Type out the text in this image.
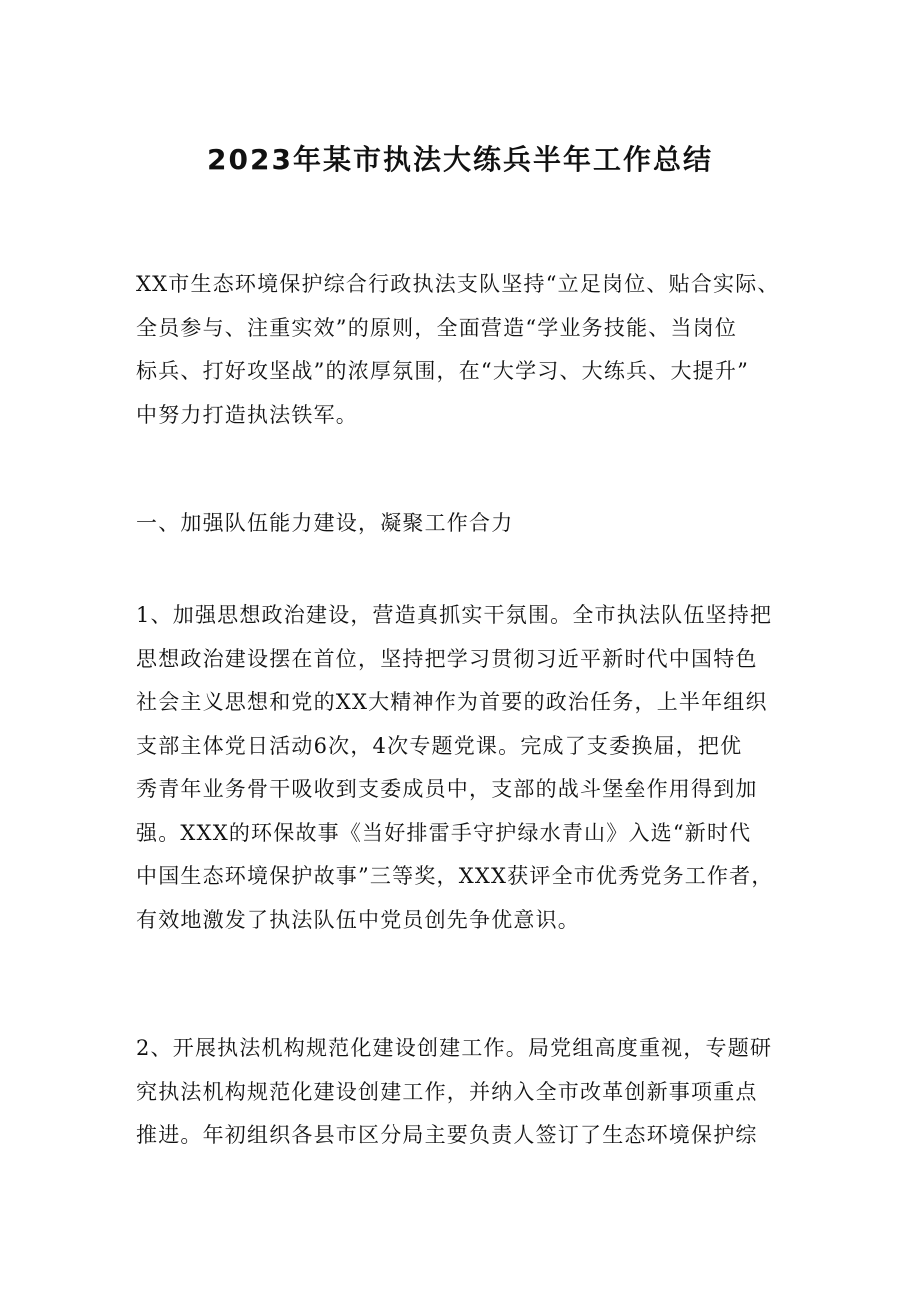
2023年某市执法大练兵半年工作总结
XX市生态环境保护综合行政执法支队坚持“立足岗位、贴合实际、
全员参与、注重实效”的原则，全面营造“学业务技能、当岗位
标兵、打好攻坚战”的浓厚氛围，在“大学习、大练兵、大提升”
中努力打造执法铁军。
一、加强队伍能力建设，凝聚工作合力
1、加强思想政治建设，营造真抓实干氛围。全市执法队伍坚持把
思想政治建设摆在首位，坚持把学习贯彻习近平新时代中国特色
社会主义思想和党的XX大精神作为首要的政治任务，上半年组织
支部主体党日活动6次，4次专题党课。完成了支委换届，把优
秀青年业务骨干吸收到支委成员中，支部的战斗堡垒作用得到加
强。XXX的环保故事《当好排雷手守护绿水青山》入选“新时代
中国生态环境保护故事”三等奖，XXX获评全市优秀党务工作者，
有效地激发了执法队伍中党员创先争优意识。
2、开展执法机构规范化建设创建工作。局党组高度重视，专题研
究执法机构规范化建设创建工作，并纳入全市改革创新事项重点
推进。年初组织各县市区分局主要负责人签订了生态环境保护综
